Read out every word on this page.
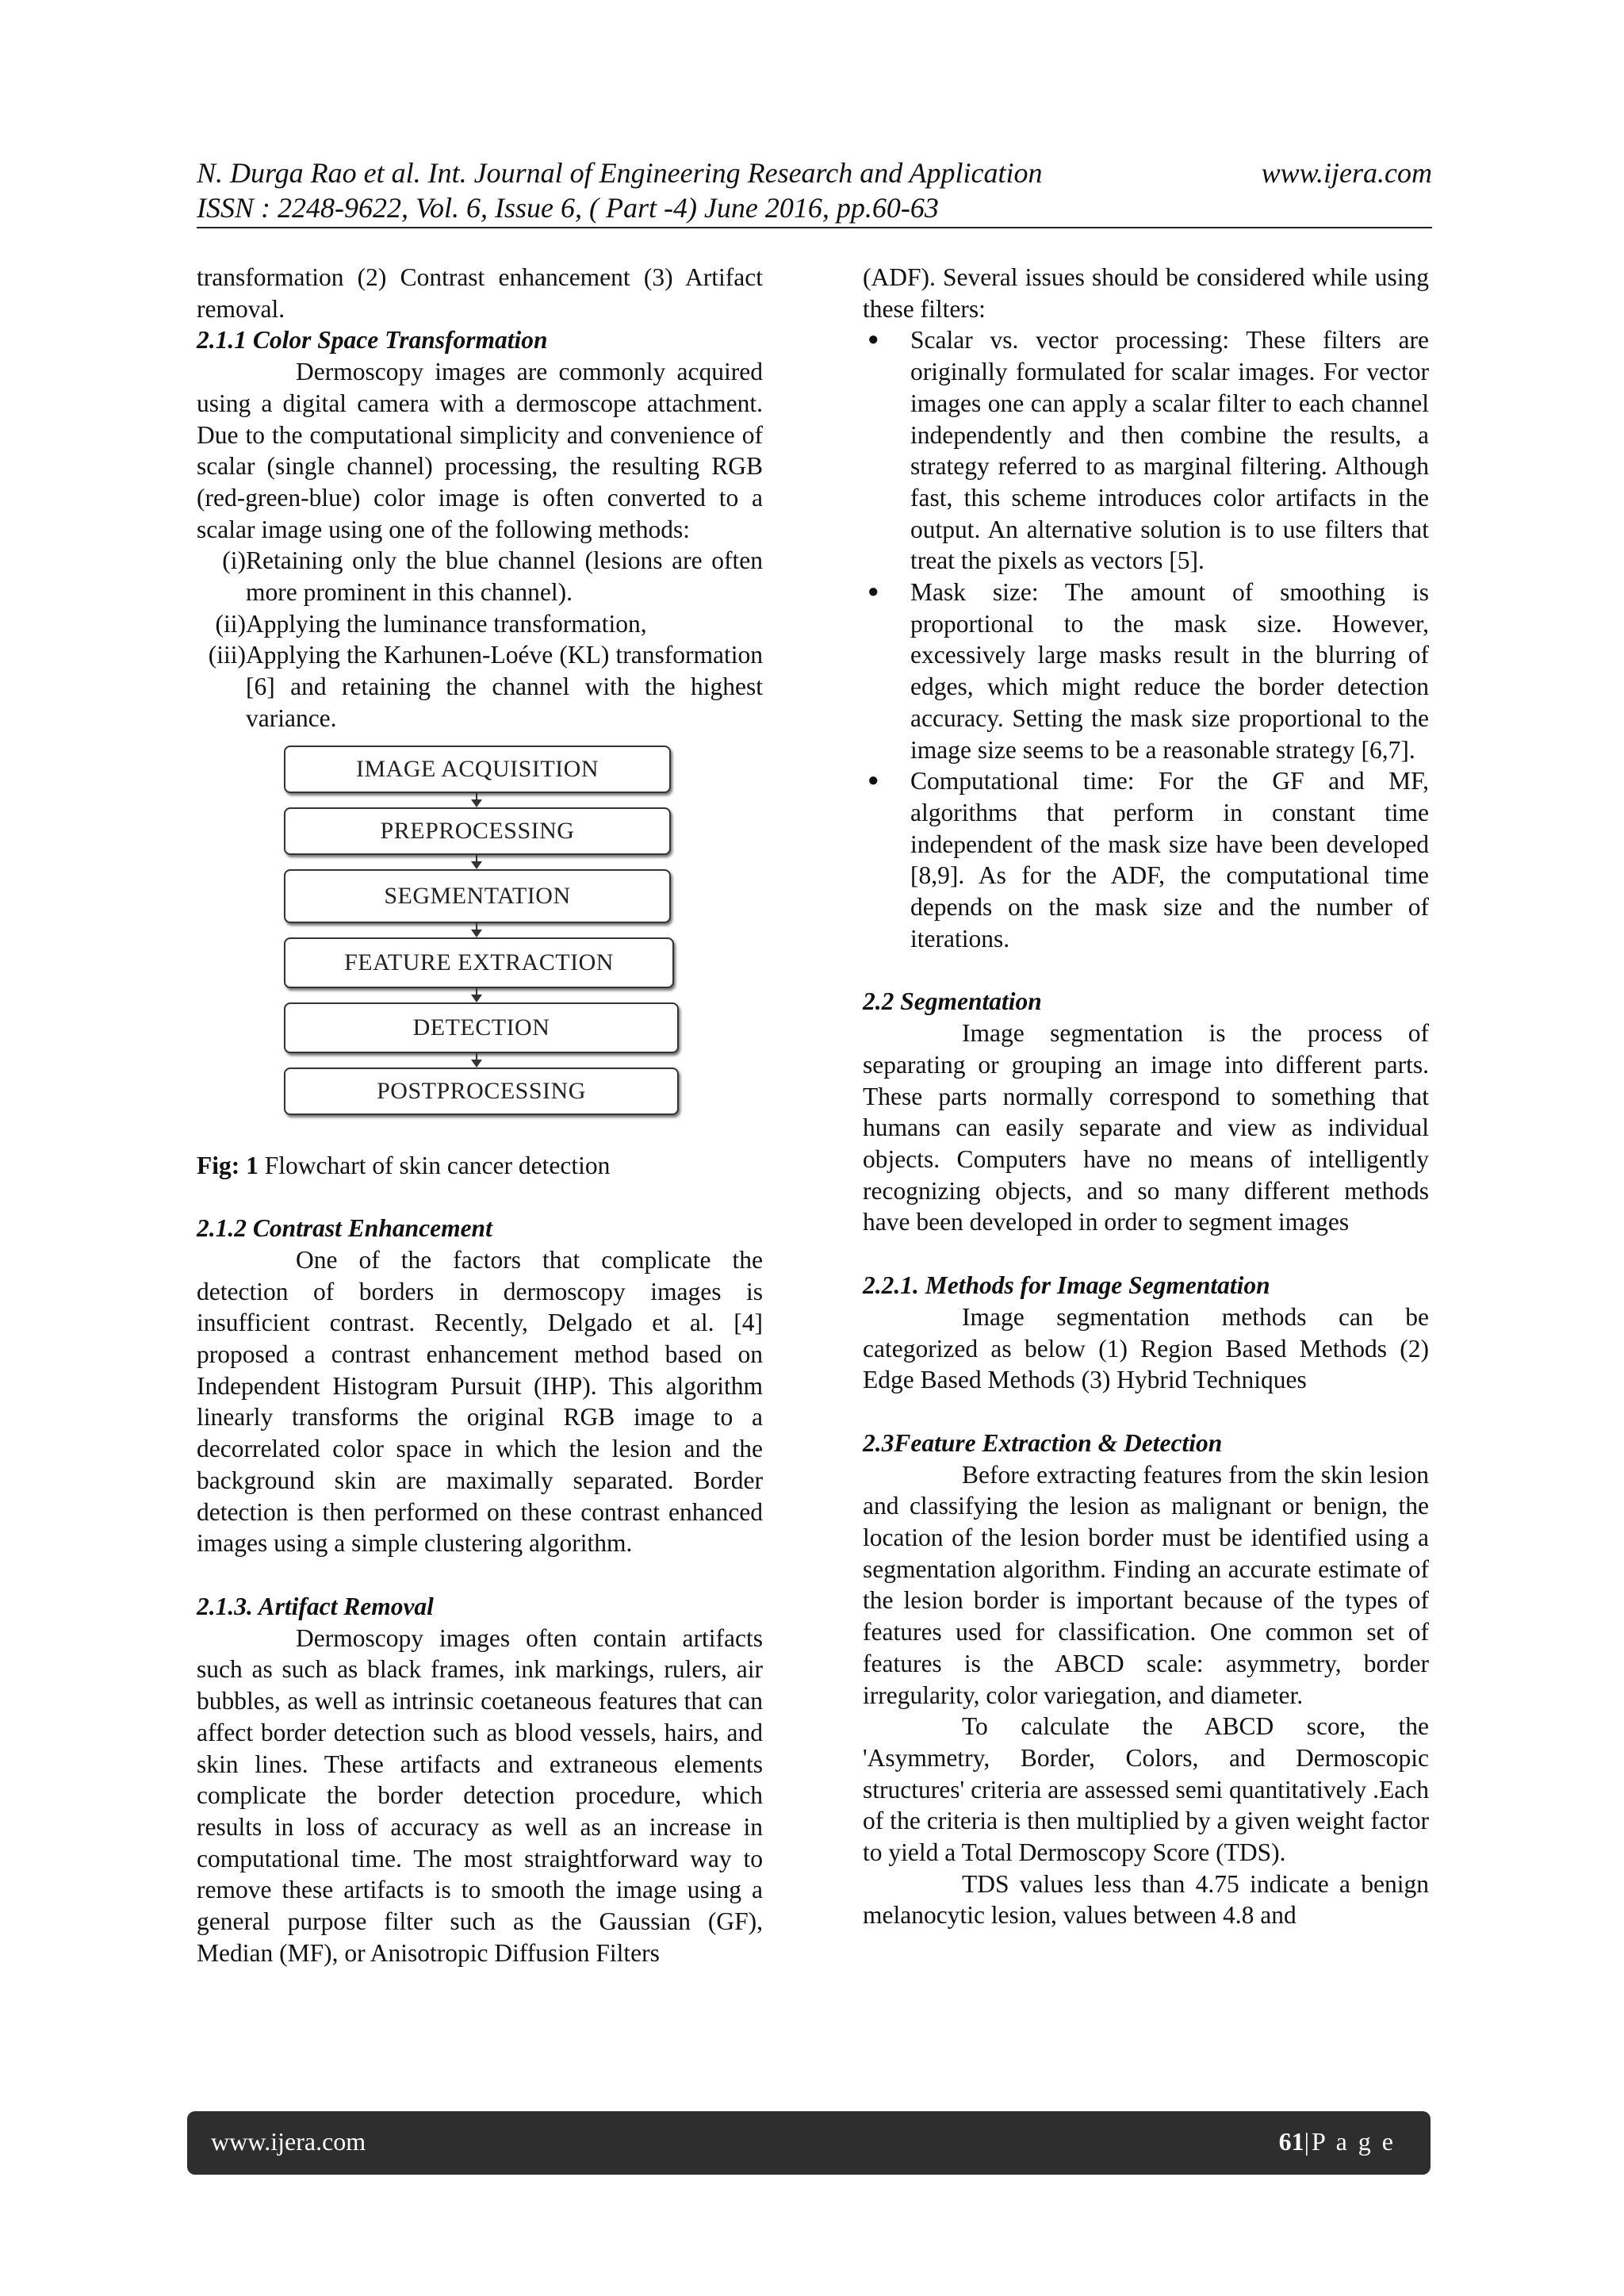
N. Durga Rao et al. Int. Journal of Engineering Research and Application	www.ijera.com
ISSN : 2248-9622, Vol. 6, Issue 6, ( Part -4) June 2016, pp.60-63

transformation (2) Contrast enhancement (3) Artifact removal.

2.1.1 Color Space Transformation

Dermoscopy images are commonly acquired using a digital camera with a dermoscope attachment. Due to the computational simplicity and convenience of scalar (single channel) processing, the resulting RGB (red-green-blue) color image is often converted to a scalar image using one of the following methods:

(i) Retaining only the blue channel (lesions are often more prominent in this channel).
(ii) Applying the luminance transformation,
(iii) Applying the Karhunen-Loéve (KL) transformation [6] and retaining the channel with the highest variance.
IMAGE ACQUISITION
PREPROCESSING
SEGMENTATION
FEATURE EXTRACTION
DETECTION
POSTPROCESSING

Fig: 1 Flowchart of skin cancer detection

2.1.2 Contrast Enhancement

One of the factors that complicate the detection of borders in dermoscopy images is insufficient contrast. Recently, Delgado et al. [4] proposed a contrast enhancement method based on Independent Histogram Pursuit (IHP). This algorithm linearly transforms the original RGB image to a decorrelated color space in which the lesion and the background skin are maximally separated. Border detection is then performed on these contrast enhanced images using a simple clustering algorithm.

2.1.3. Artifact Removal

Dermoscopy images often contain artifacts such as such as black frames, ink markings, rulers, air bubbles, as well as intrinsic coetaneous features that can affect border detection such as blood vessels, hairs, and skin lines. These artifacts and extraneous elements complicate the border detection procedure, which results in loss of accuracy as well as an increase in computational time. The most straightforward way to remove these artifacts is to smooth the image using a general purpose filter such as the Gaussian (GF), Median (MF), or Anisotropic Diffusion Filters

(ADF). Several issues should be considered while using these filters:

● Scalar vs. vector processing: These filters are originally formulated for scalar images. For vector images one can apply a scalar filter to each channel independently and then combine the results, a strategy referred to as marginal filtering. Although fast, this scheme introduces color artifacts in the output. An alternative solution is to use filters that treat the pixels as vectors [5].
● Mask size: The amount of smoothing is proportional to the mask size. However, excessively large masks result in the blurring of edges, which might reduce the border detection accuracy. Setting the mask size proportional to the image size seems to be a reasonable strategy [6,7].
● Computational time: For the GF and MF, algorithms that perform in constant time independent of the mask size have been developed [8,9]. As for the ADF, the computational time depends on the mask size and the number of iterations.

2.2 Segmentation

Image segmentation is the process of separating or grouping an image into different parts. These parts normally correspond to something that humans can easily separate and view as individual objects. Computers have no means of intelligently recognizing objects, and so many different methods have been developed in order to segment images

2.2.1. Methods for Image Segmentation

Image segmentation methods can be categorized as below (1) Region Based Methods (2) Edge Based Methods (3) Hybrid Techniques

2.3Feature Extraction & Detection

Before extracting features from the skin lesion and classifying the lesion as malignant or benign, the location of the lesion border must be identified using a segmentation algorithm. Finding an accurate estimate of the lesion border is important because of the types of features used for classification. One common set of features is the ABCD scale: asymmetry, border irregularity, color variegation, and diameter.

To calculate the ABCD score, the 'Asymmetry, Border, Colors, and Dermoscopic structures' criteria are assessed semi quantitatively .Each of the criteria is then multiplied by a given weight factor to yield a Total Dermoscopy Score (TDS).

TDS values less than 4.75 indicate a benign melanocytic lesion, values between 4.8 and

www.ijera.com	61|P a g e
